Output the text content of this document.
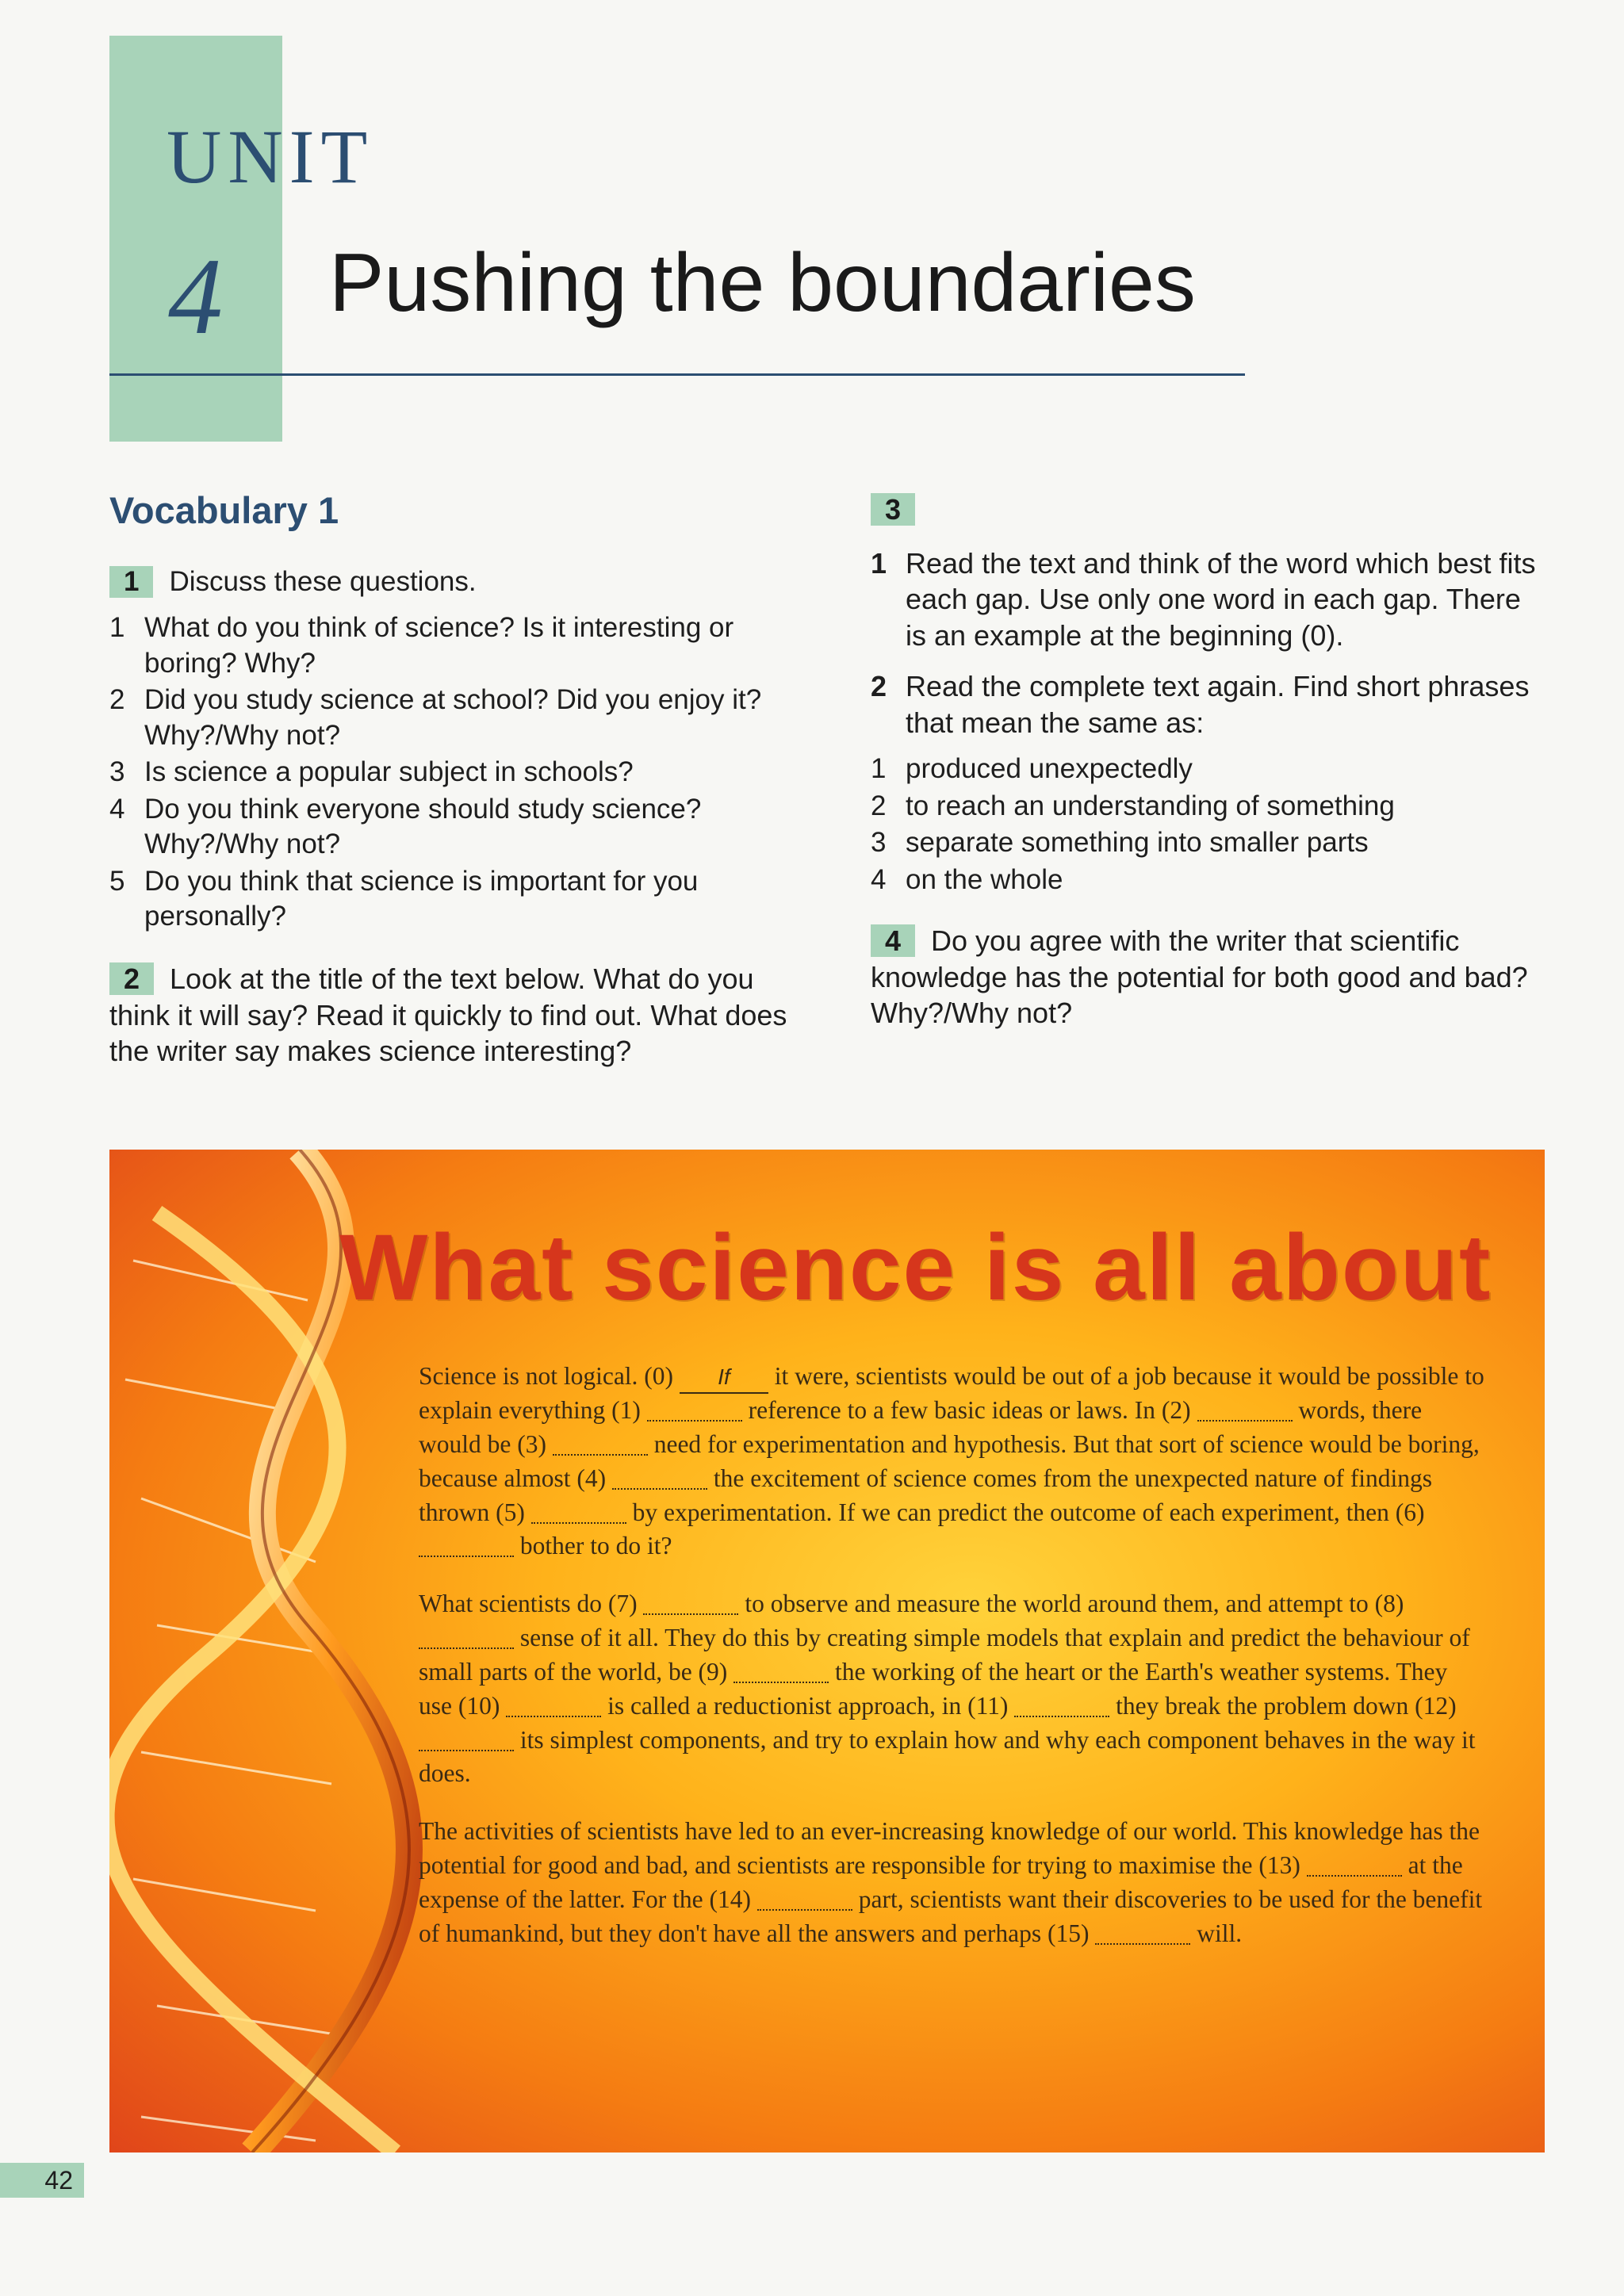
UNIT
4 Pushing the boundaries
Vocabulary 1

1 Discuss these questions.

1 What do you think of science? Is it interesting or boring? Why?
2 Did you study science at school? Did you enjoy it? Why?/Why not?
3 Is science a popular subject in schools?
4 Do you think everyone should study science? Why?/Why not?
5 Do you think that science is important for you personally?

2 Look at the title of the text below. What do you think it will say? Read it quickly to find out. What does the writer say makes science interesting?

3

1 Read the text and think of the word which best fits each gap. Use only one word in each gap. There is an example at the beginning (0).
2 Read the complete text again. Find short phrases that mean the same as:
1 produced unexpectedly
2 to reach an understanding of something
3 separate something into smaller parts
4 on the whole

4 Do you agree with the writer that scientific knowledge has the potential for both good and bad? Why?/Why not?

What science is all about

Science is not logical. (0) If it were, scientists would be out of a job because it would be possible to explain everything (1)	reference to a few basic ideas or laws. In (2)	words, there would be (3)	need for experimentation and hypothesis. But that sort of science would be boring, because almost (4)	the excitement of science comes from the unexpected nature of findings thrown (5)	by experimentation. If we can predict the outcome of each experiment, then (6)  bother to do it?

What scientists do (7)	to observe and measure the world around them, and attempt to (8)  sense of it all. They do this by creating simple models that explain and predict the behaviour of small parts of the world, be (9)	the working of the heart or the Earth's weather systems. They use (10)	is called a reductionist approach, in (11)	they break the problem down (12)  its simplest components, and try to explain how and why each component behaves in the way it does.

The activities of scientists have led to an ever-increasing knowledge of our world. This knowledge has the potential for good and bad, and scientists are responsible for trying to maximise the (13)	at the expense of the latter. For the (14)	part, scientists want their discoveries to be used for the benefit of humankind, but they don't have all the answers and perhaps (15)	will.

42
